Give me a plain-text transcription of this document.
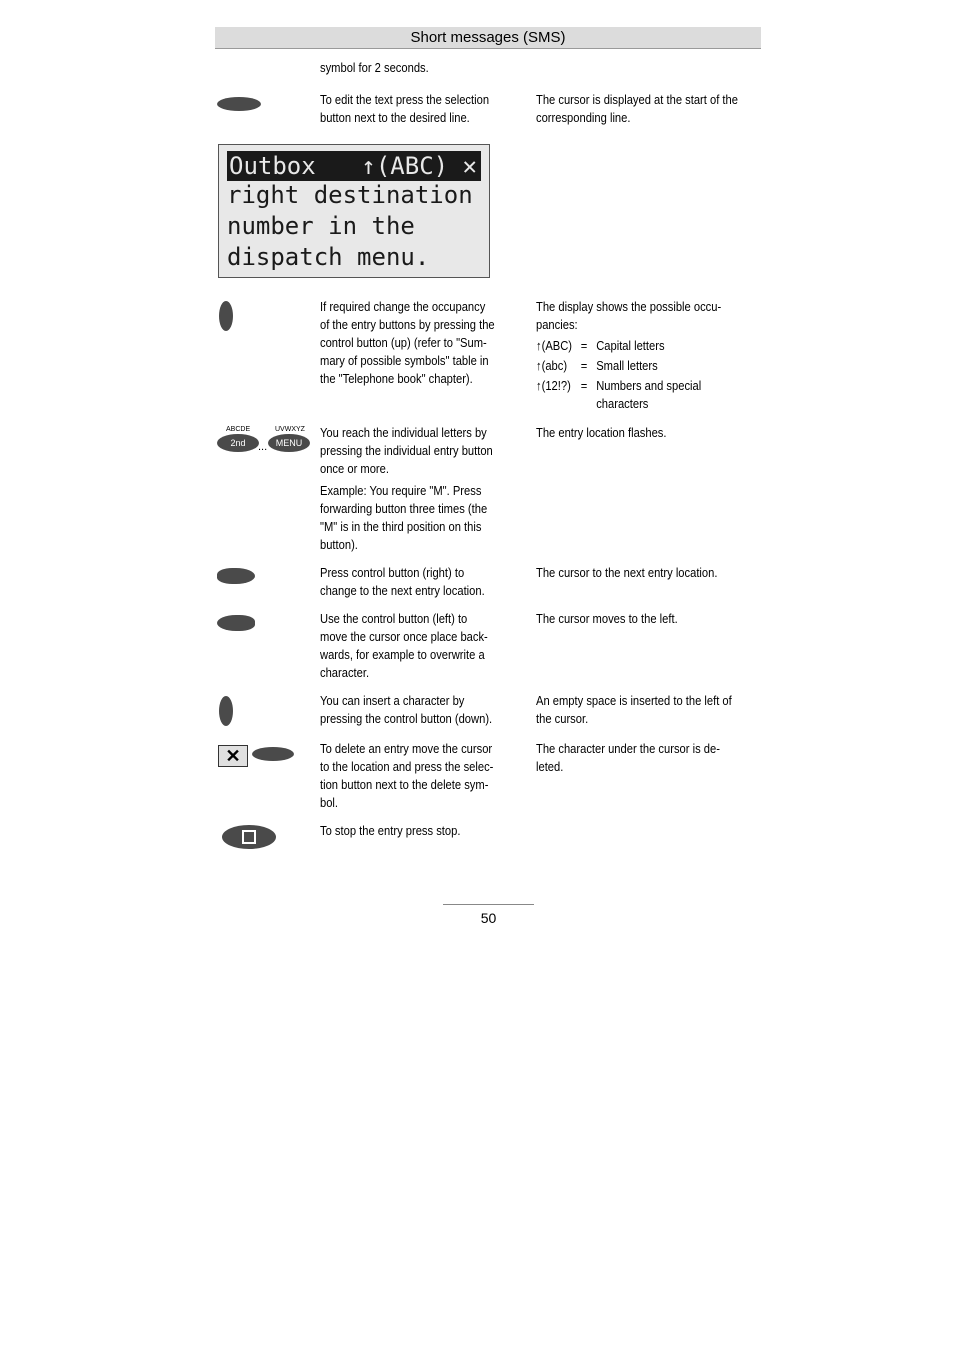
Short messages (SMS)
symbol for 2 seconds.
To edit the text press the selection
button next to the desired line.
The cursor is displayed at the start of the
corresponding line.
Outbox ↑(ABC) ✕
right destination
number in the
dispatch menu.
If required change the occupancy
of the entry buttons by pressing the
control button (up) (refer to "Sum-
mary of possible symbols" table in
the "Telephone book" chapter).
The display shows the possible occu-
pancies:
↑(ABC) = Capital letters
↑(abc) = Small letters
↑(12!?) = Numbers and special
characters
ABCDE
2nd	...
UVWXYZ
MENU
You reach the individual letters by
pressing the individual entry button
once or more.
Example: You require "M". Press
forwarding button three times (the
"M" is in the third position on this
button).
The entry location flashes.
Press control button (right) to
change to the next entry location.
The cursor to the next entry location.
Use the control button (left) to
move the cursor once place back-
wards, for example to overwrite a
character.
The cursor moves to the left.
You can insert a character by
pressing the control button (down).
An empty space is inserted to the left of
the cursor.
✕	To delete an entry move the cursor
to the location and press the selec-
tion button next to the delete sym-
bol.
The character under the cursor is de-
leted.
To stop the entry press stop.
50
